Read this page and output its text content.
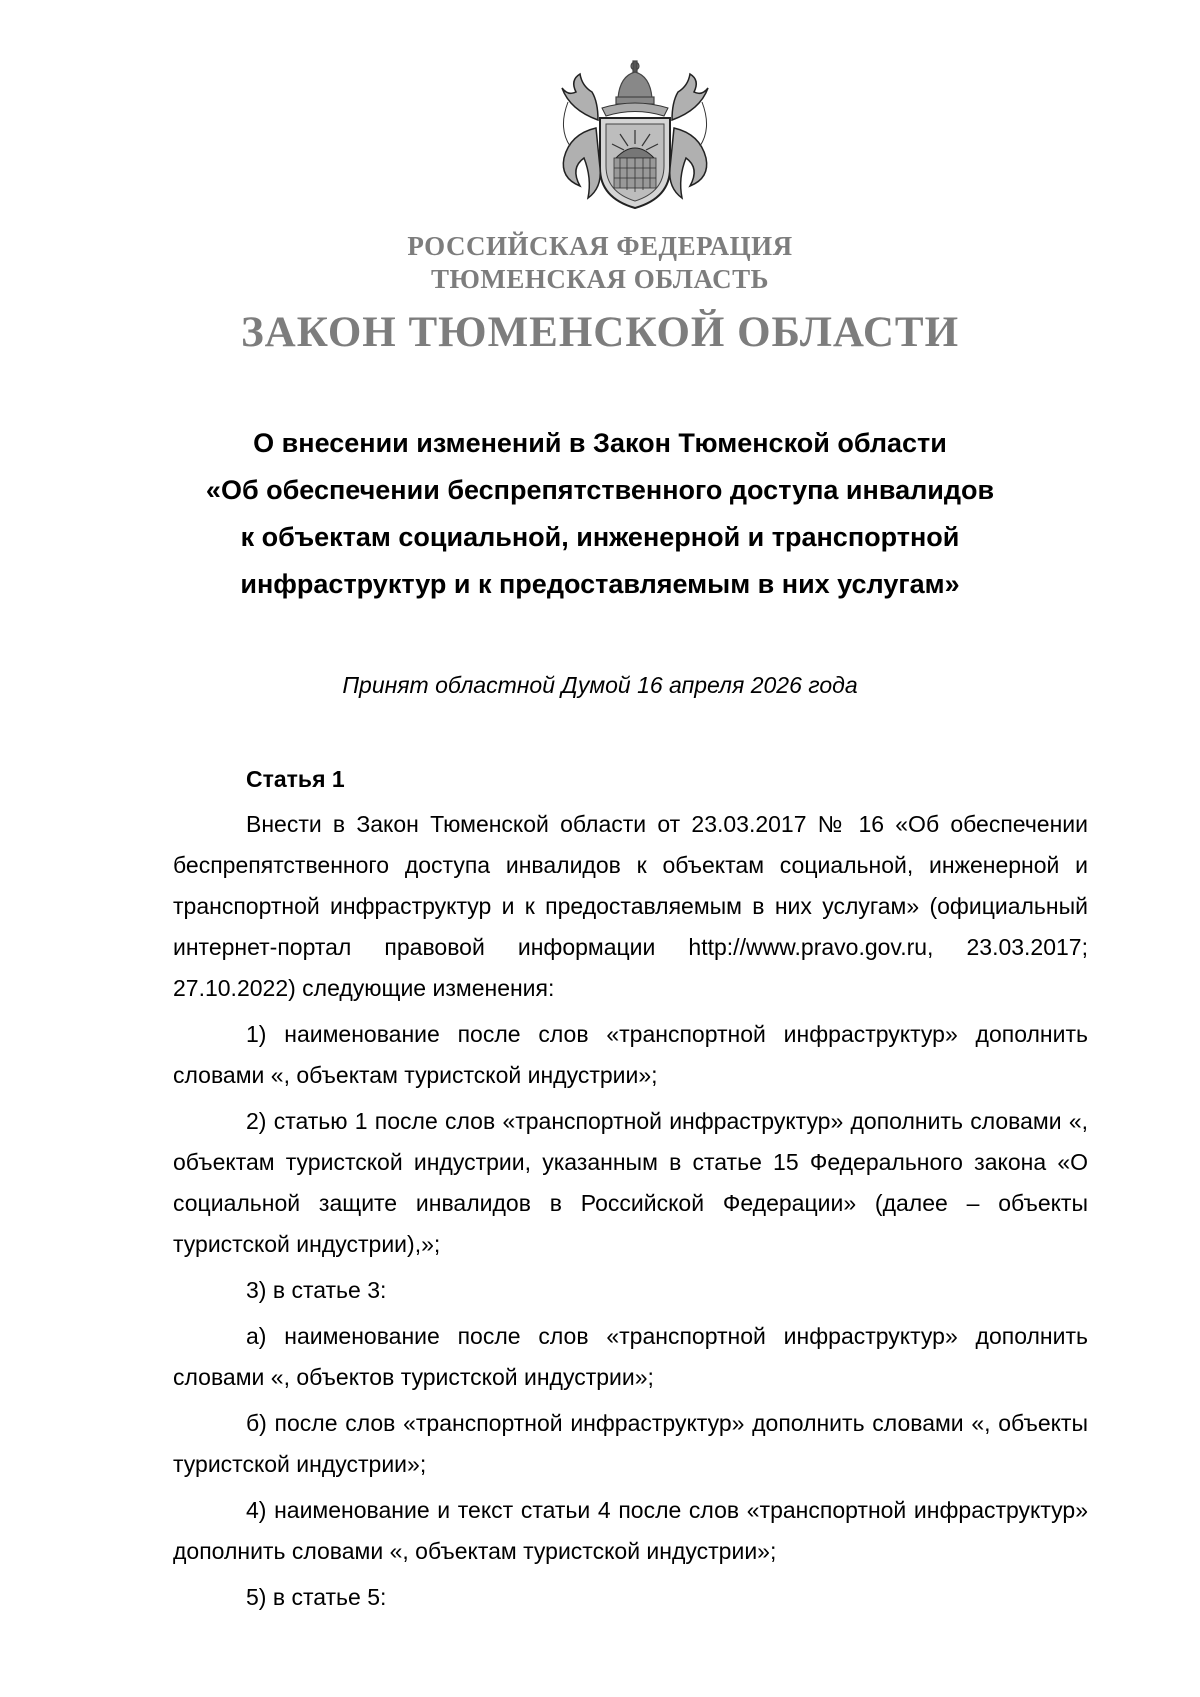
РОССИЙСКАЯ ФЕДЕРАЦИЯ
ТЮМЕНСКАЯ ОБЛАСТЬ
ЗАКОН ТЮМЕНСКОЙ ОБЛАСТИ
О внесении изменений в Закон Тюменской области
«Об обеспечении беспрепятственного доступа инвалидов
к объектам социальной, инженерной и транспортной
инфраструктур и к предоставляемым в них услугам»
Принят областной Думой 16 апреля 2026 года
Статья 1

Внести в Закон Тюменской области от 23.03.2017 № 16 «Об обеспечении беспрепятственного доступа инвалидов к объектам социальной, инженерной и транспортной инфраструктур и к предоставляемым в них услугам» (официальный интернет-портал правовой информации http://www.pravo.gov.ru, 23.03.2017; 27.10.2022) следующие изменения:

1) наименование после слов «транспортной инфраструктур» дополнить словами «, объектам туристской индустрии»;

2) статью 1 после слов «транспортной инфраструктур» дополнить словами «, объектам туристской индустрии, указанным в статье 15 Федерального закона «О социальной защите инвалидов в Российской Федерации» (далее – объекты туристской индустрии),»;

3) в статье 3:

а) наименование после слов «транспортной инфраструктур» дополнить словами «, объектов туристской индустрии»;

б) после слов «транспортной инфраструктур» дополнить словами «, объекты туристской индустрии»;

4) наименование и текст статьи 4 после слов «транспортной инфраструктур» дополнить словами «, объектам туристской индустрии»;

5) в статье 5:
